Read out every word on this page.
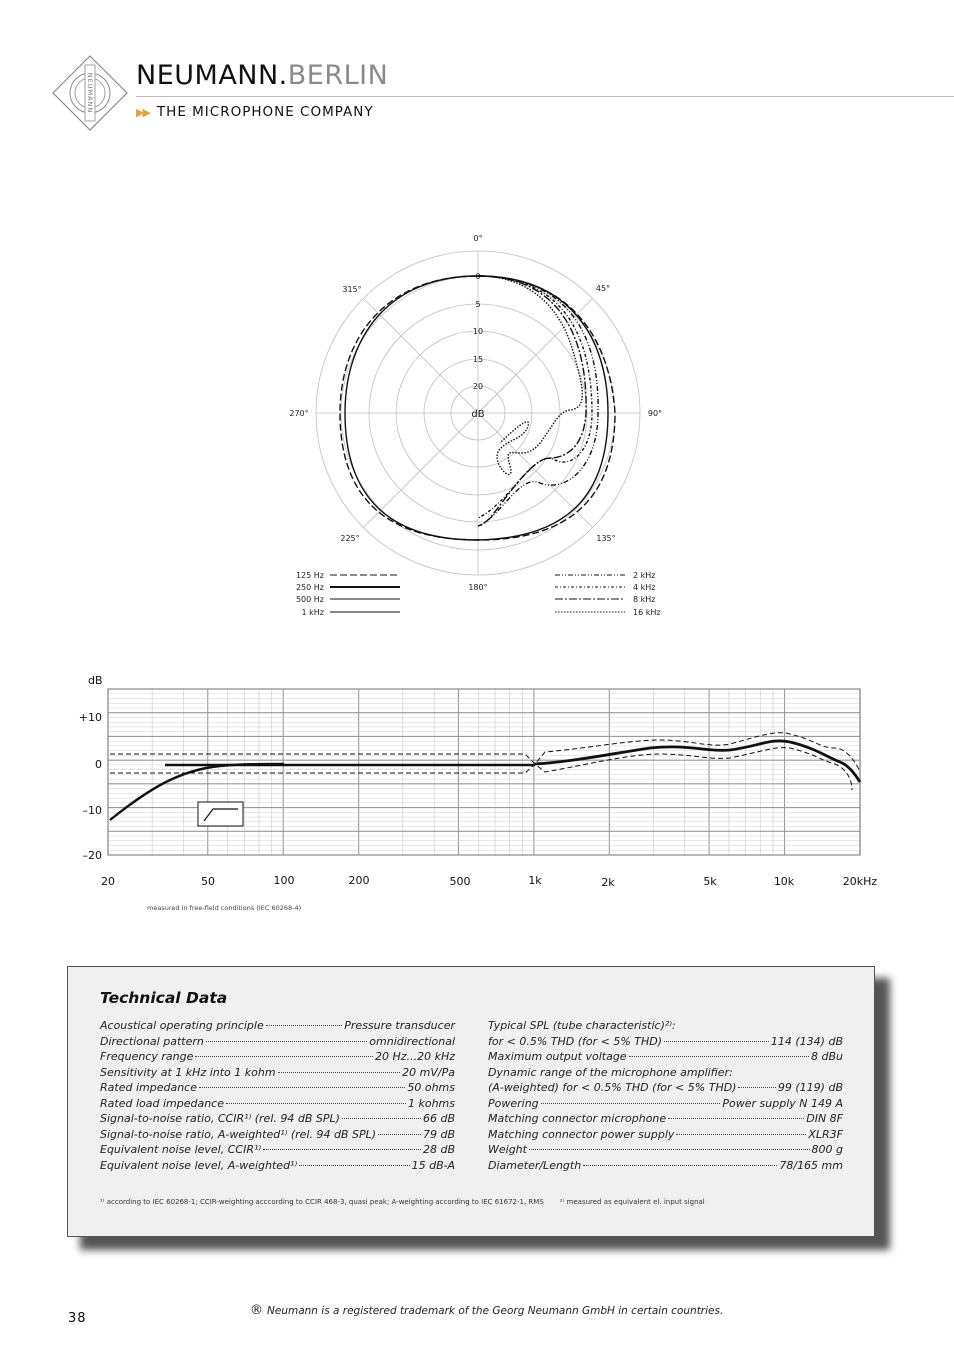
NEUMANN NEUMANN.BERLIN
▶▶ THE MICROPHONE COMPANY
0°
45°
90°
135°
180°
225°
270°
315°
0
5
10
15
20
dB
125 Hz
250 Hz
500 Hz
1 kHz
2 kHz
4 kHz
8 kHz
16 kHz
dB
+10
0
–10
–20
20	50	100	200	500	1k	2k	5k	10k	20kHz
measured in free-field conditions (IEC 60268-4)
Technical Data
Acoustical operating principle	Pressure transducer
Directional pattern	omnidirectional
Frequency range	20 Hz...20 kHz
Sensitivity at 1 kHz into 1 kohm	20 mV/Pa
Rated impedance	50 ohms
Rated load impedance	1 kohms
Signal-to-noise ratio, CCIR¹⁾ (rel. 94 dB SPL)	66 dB
Signal-to-noise ratio, A-weighted¹⁾ (rel. 94 dB SPL)	79 dB
Equivalent noise level, CCIR¹⁾	28 dB
Equivalent noise level, A-weighted¹⁾	15 dB-A
Typical SPL (tube characteristic)²⁾:
for < 0.5% THD (for < 5% THD)	114 (134) dB
Maximum output voltage	8 dBu
Dynamic range of the microphone amplifier:
(A-weighted) for < 0.5% THD (for < 5% THD)	99 (119) dB
Powering	Power supply N 149 A
Matching connector microphone	DIN 8F
Matching connector power supply	XLR3F
Weight	800 g
Diameter/Length	78/165 mm
¹⁾ according to IEC 60268-1; CCIR-weighting acccording to CCIR 468-3, quasi peak; A-weighting according to IEC 61672-1, RMS ²⁾ measured as equivalent el. input signal
38
® Neumann is a registered trademark of the Georg Neumann GmbH in certain countries.
